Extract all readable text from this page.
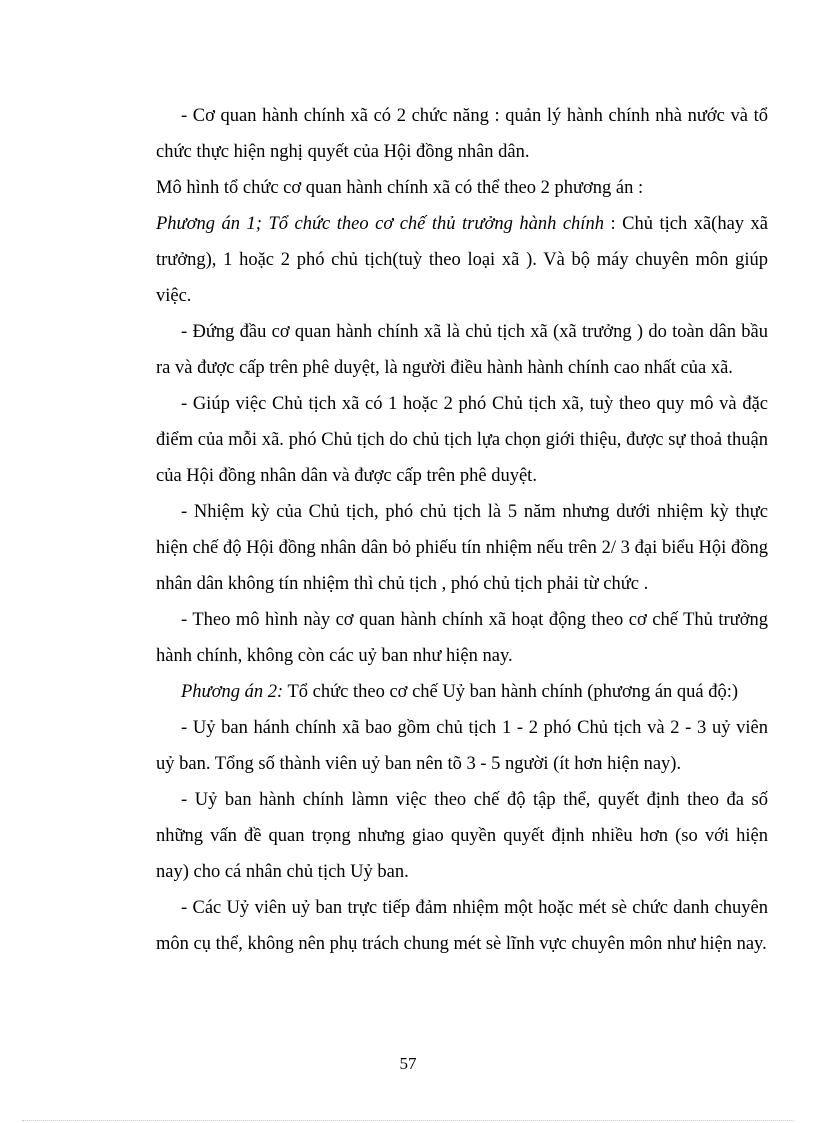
- Cơ quan hành chính xã có 2 chức năng : quản lý hành chính nhà nước và tổ chức thực hiện nghị quyết của Hội đồng nhân dân.

Mô hình tổ chức cơ quan hành chính xã có thể theo 2 phương án :

Phương án 1; Tổ chức theo cơ chế thủ trưởng hành chính : Chủ tịch xã(hay xã trưởng), 1 hoặc 2 phó chủ tịch(tuỳ theo loại xã ). Và bộ máy chuyên môn giúp việc.

- Đứng đầu cơ quan hành chính xã là chủ tịch xã (xã trưởng ) do toàn dân bầu ra và được cấp trên phê duyệt, là người điều hành hành chính cao nhất của xã.

- Giúp việc Chủ tịch xã có 1 hoặc 2 phó Chủ tịch xã, tuỳ theo quy mô và đặc điểm của mỗi xã. phó Chủ tịch do chủ tịch lựa chọn giới thiệu, được sự thoả thuận của Hội đồng nhân dân và được cấp trên phê duyệt.

- Nhiệm kỳ của Chủ tịch, phó chủ tịch là 5 năm nhưng dưới nhiệm kỳ thực hiện chế độ Hội đồng nhân dân bỏ phiếu tín nhiệm nếu trên 2/ 3 đại biểu Hội đồng nhân dân không tín nhiệm thì chủ tịch , phó chủ tịch phải từ chức .

- Theo mô hình này cơ quan hành chính xã hoạt động theo cơ chế Thủ trưởng hành chính, không còn các uỷ ban như hiện nay.

Phương án 2: Tổ chức theo cơ chế Uỷ ban hành chính (phương án quá độ:)

- Uỷ ban hánh chính xã bao gồm chủ tịch 1 - 2 phó Chủ tịch và 2 - 3 uỷ viên uỷ ban. Tổng số thành viên uỷ ban nên tõ 3 - 5 người (ít hơn hiện nay).

- Uỷ ban hành chính làmn việc theo chế độ tập thể, quyết định theo đa số những vấn đề quan trọng nhưng giao quyền quyết định nhiều hơn (so với hiện nay) cho cá nhân chủ tịch Uỷ ban.

- Các Uỷ viên uỷ ban trực tiếp đảm nhiệm một hoặc mét sè chức danh chuyên môn cụ thể, không nên phụ trách chung mét sè lĩnh vực chuyên môn như hiện nay.

57
